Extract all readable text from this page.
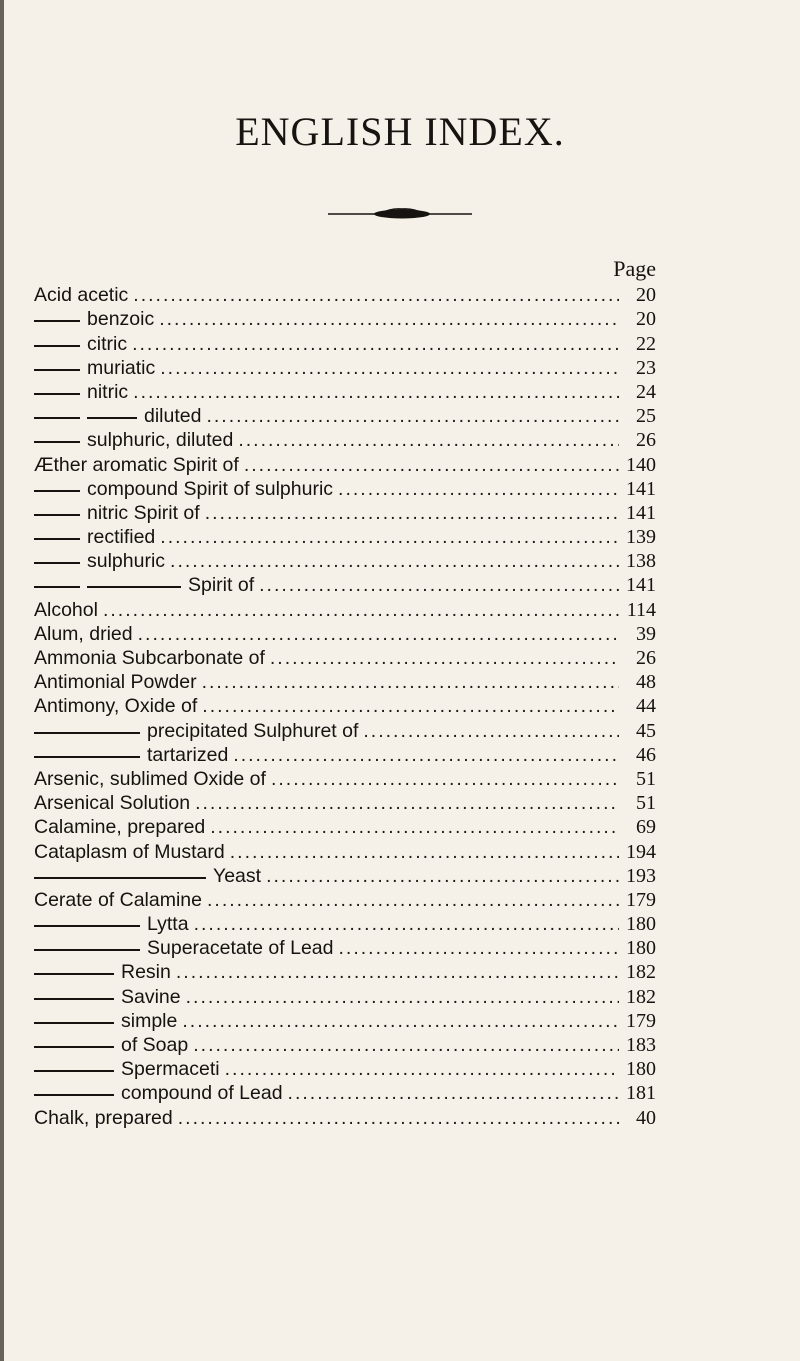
ENGLISH INDEX.
Page
Acid acetic .....	20
benzoic .....	20
citric .....	22
muriatic .....	23
nitric .....	24
diluted .....	25
sulphuric, diluted .....	26
Æther aromatic Spirit of .....	140
compound Spirit of sulphuric .....	141
nitric Spirit of .....	141
rectified .....	139
sulphuric .....	138
Spirit of .....	141
Alcohol .....	114
Alum, dried .....	39
Ammonia Subcarbonate of .....	26
Antimonial Powder .....	48
Antimony, Oxide of .....	44
precipitated Sulphuret of .....	45
tartarized .....	46
Arsenic, sublimed Oxide of .....	51
Arsenical Solution .....	51
Calamine, prepared .....	69
Cataplasm of Mustard .....	194
Yeast .....	193
Cerate of Calamine .....	179
Lytta .....	180
Superacetate of Lead .....	180
Resin .....	182
Savine .....	182
simple .....	179
of Soap .....	183
Spermaceti .....	180
compound of Lead .....	181
Chalk, prepared .....	40
